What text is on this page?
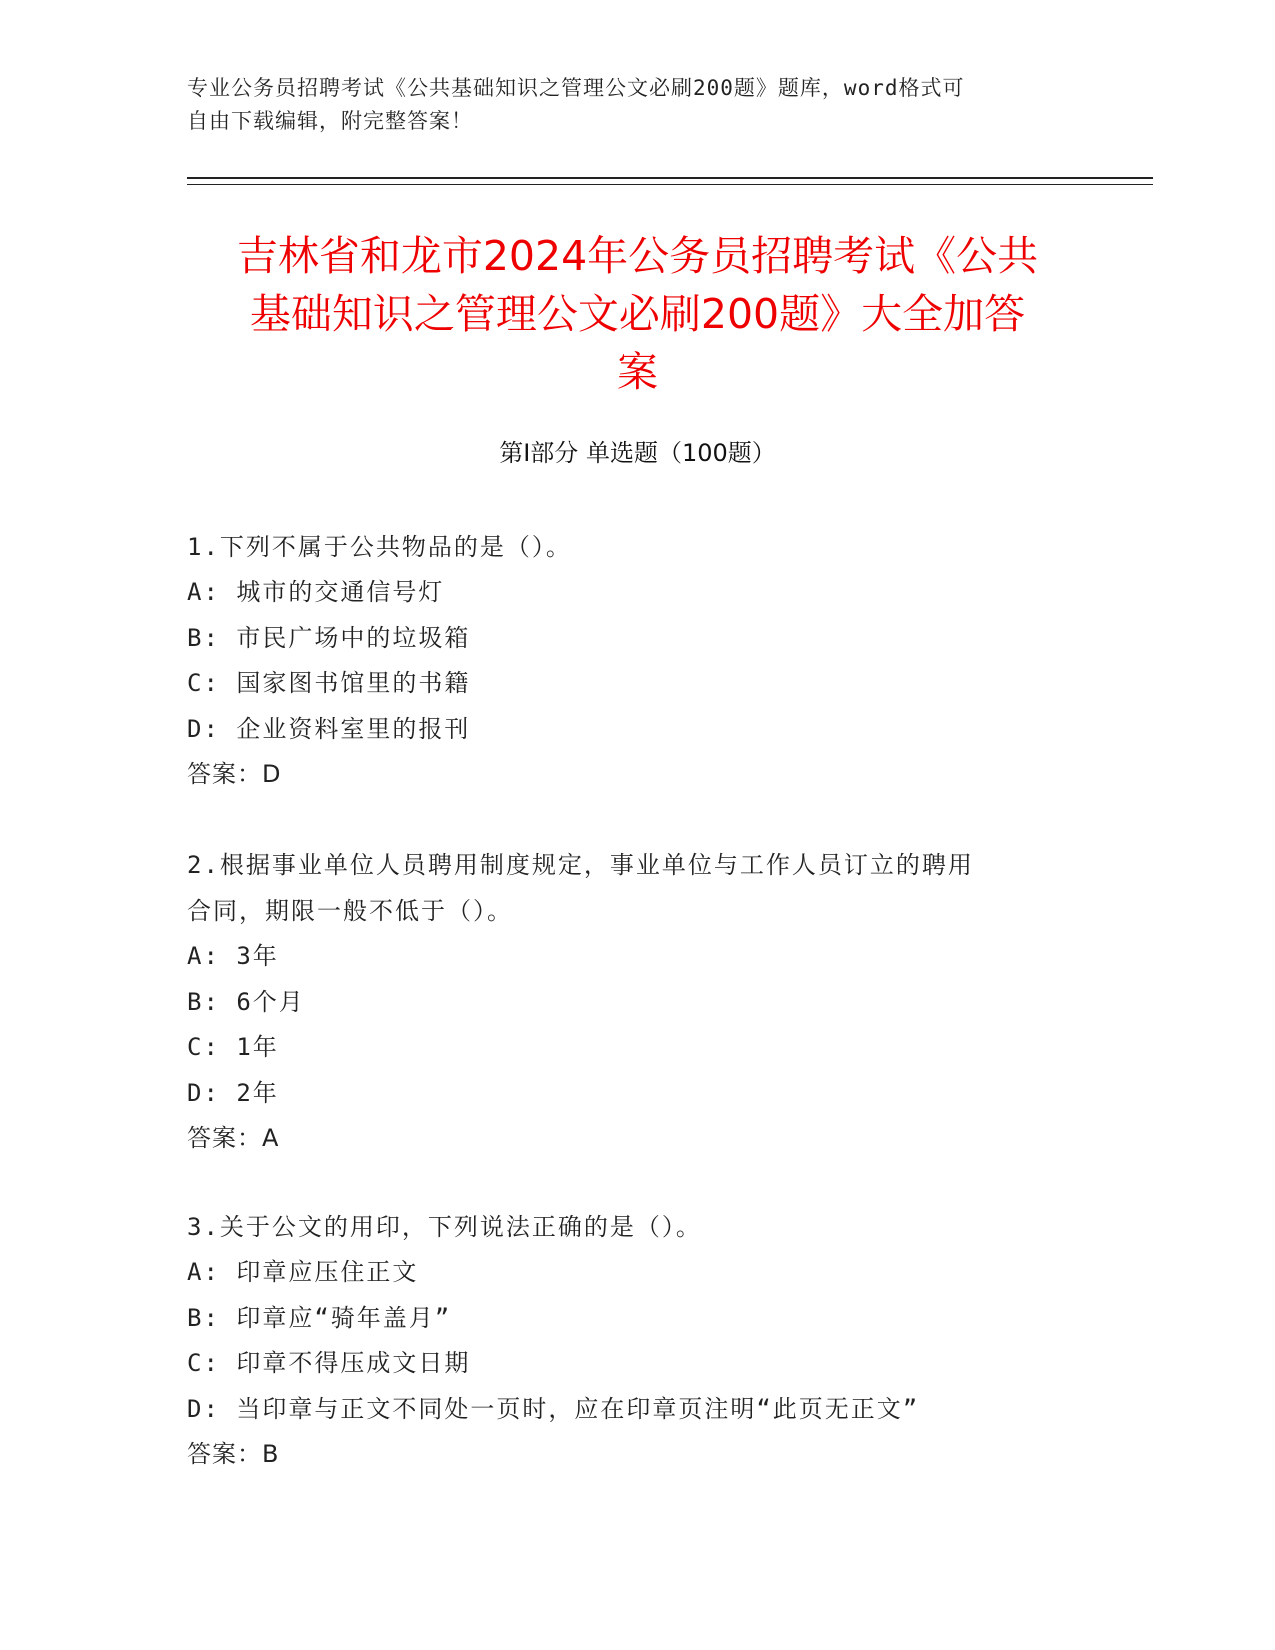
专业公务员招聘考试《公共基础知识之管理公文必刷200题》题库，word格式可
自由下载编辑，附完整答案！
吉林省和龙市2024年公务员招聘考试《公共
基础知识之管理公文必刷200题》大全加答
案
第I部分 单选题（100题）

1.下列不属于公共物品的是（）。

A: 城市的交通信号灯

B: 市民广场中的垃圾箱

C: 国家图书馆里的书籍

D: 企业资料室里的报刊

答案：D

2.根据事业单位人员聘用制度规定，事业单位与工作人员订立的聘用

合同，期限一般不低于（）。

A: 3年

B: 6个月

C: 1年

D: 2年

答案：A

3.关于公文的用印，下列说法正确的是（）。

A: 印章应压住正文

B: 印章应“骑年盖月”

C: 印章不得压成文日期

D: 当印章与正文不同处一页时，应在印章页注明“此页无正文”

答案：B
